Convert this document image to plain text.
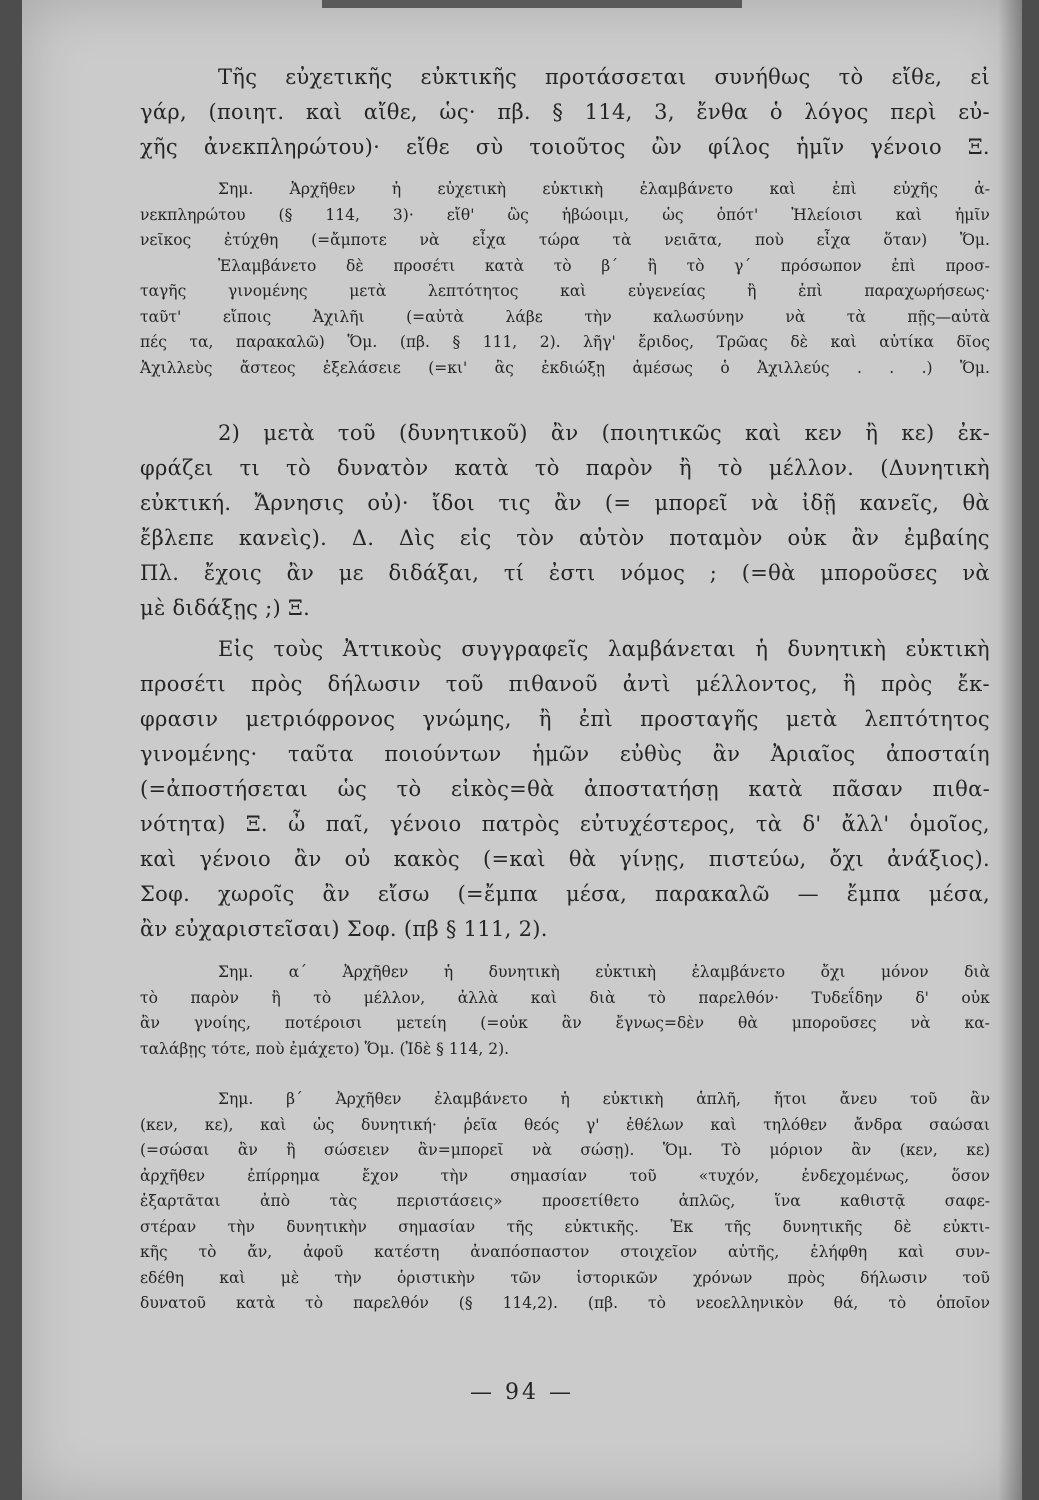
Τῆς εὐχετικῆς εὐκτικῆς προτάσσεται συνήθως τὸ εἴθε, εἰ
γάρ, (ποιητ. καὶ αἴθε, ὡς· πβ. § 114, 3, ἔνθα ὁ λόγος περὶ εὐ-
χῆς ἀνεκπληρώτου)· εἴθε σὺ τοιοῦτος ὢν φίλος ἡμῖν γένοιο Ξ.
Σημ. Ἀρχῆθεν ἡ εὐχετικὴ εὐκτικὴ ἐλαμβάνετο καὶ ἐπὶ εὐχῆς ἀ-
νεκπληρώτου (§ 114, 3)· εἴθ' ὣς ἡβώοιμι, ὡς ὁπότ' Ἠλείοισι καὶ ἡμῖν
νεῖκος ἐτύχθη (=ἄμποτε νὰ εἶχα τώρα τὰ νειᾶτα, ποὺ εἶχα ὅταν) Ὅμ.
Ἐλαμβάνετο δὲ προσέτι κατὰ τὸ β΄ ἢ τὸ γ΄ πρόσωπον ἐπὶ προσ-
ταγῆς	γινομένης	μετὰ	λεπτότητος	καὶ	εὐγενείας	ἢ	ἐπὶ	παραχωρήσεως·
ταῦτ'	εἴποις	Ἀχιλῆι	(=αὐτὰ	λάβε	τὴν	καλωσύνην	νὰ	τὰ	πῇς—αὐτὰ
πές τα, παρακαλῶ) Ὅμ. (πβ. § 111, 2). λῆγ' ἔριδος, Τρῶας δὲ καὶ αὐτίκα δῖος
Ἀχιλλεὺς ἄστεος ἐξελάσειε (=κι' ἂς ἐκδιώξῃ ἀμέσως ὁ Ἀχιλλεύς . . .) Ὅμ.
2) μετὰ τοῦ (δυνητικοῦ) ἂν (ποιητικῶς καὶ κεν ἢ κε) ἐκ-
φράζει τι τὸ δυνατὸν κατὰ τὸ παρὸν ἢ τὸ μέλλον. (Δυνητικὴ
εὐκτική. Ἄρνησις οὐ)· ἴδοι τις ἂν (= μπορεῖ νὰ ἰδῇ κανεῖς, θὰ
ἔβλεπε κανεὶς). Δ. Δὶς εἰς τὸν αὐτὸν ποταμὸν οὐκ ἂν ἐμβαίης
Πλ. ἔχοις ἂν με διδάξαι, τί ἐστι νόμος ; (=θὰ μποροῦσες νὰ
μὲ διδάξῃς ;) Ξ.
Εἰς τοὺς Ἀττικοὺς συγγραφεῖς λαμβάνεται ἡ δυνητικὴ εὐκτικὴ
προσέτι πρὸς δήλωσιν τοῦ πιθανοῦ ἀντὶ μέλλοντος, ἢ πρὸς ἔκ-
φρασιν μετριόφρονος γνώμης, ἢ ἐπὶ προσταγῆς μετὰ λεπτότητος
γινομένης· ταῦτα ποιούντων ἡμῶν εὐθὺς ἂν Ἀριαῖος ἀποσταίη
(=ἀποστήσεται ὡς τὸ εἰκὸς=θὰ ἀποστατήσῃ κατὰ πᾶσαν πιθα-
νότητα) Ξ. ὦ παῖ, γένοιο πατρὸς εὐτυχέστερος, τὰ δ' ἄλλ' ὁμοῖος,
καὶ γένοιο ἂν οὐ κακὸς (=καὶ θὰ γίνῃς, πιστεύω, ὄχι ἀνάξιος).
Σοφ. χωροῖς ἂν εἴσω (=ἔμπα μέσα, παρακαλῶ — ἔμπα μέσα,
ἂν εὐχαριστεῖσαι) Σοφ. (πβ § 111, 2).
Σημ. α΄ Ἀρχῆθεν ἡ δυνητικὴ εὐκτικὴ ἐλαμβάνετο ὄχι μόνον διὰ
τὸ παρὸν ἢ τὸ μέλλον, ἀλλὰ καὶ διὰ τὸ παρελθόν· Τυδεΐδην δ' οὐκ
ἂν γνοίης, ποτέροισι μετείη (=οὐκ ἂν ἔγνως=δὲν θὰ μποροῦσες νὰ κα-
ταλάβῃς τότε, ποὺ ἐμάχετο) Ὅμ. (Ἰδὲ § 114, 2).
Σημ. β΄ Ἀρχῆθεν ἐλαμβάνετο ἡ εὐκτικὴ ἁπλῆ, ἤτοι ἄνευ τοῦ ἂν
(κεν, κε), καὶ ὡς δυνητική· ῥεῖα θεός γ' ἐθέλων καὶ τηλόθεν ἄνδρα σαώσαι
(=σώσαι ἂν ἢ σώσειεν ἂν=μπορεῖ νὰ σώσῃ). Ὅμ. Τὸ μόριον ἂν (κεν, κε)
ἀρχῆθεν	ἐπίρρημα	ἔχον	τὴν	σημασίαν	τοῦ	«τυχόν,	ἐνδεχομένως,	ὅσον
ἐξαρτᾶται	ἀπὸ	τὰς	περιστάσεις»	προσετίθετο	ἁπλῶς,	ἵνα	καθιστᾷ	σαφε-
στέραν τὴν δυνητικὴν σημασίαν τῆς εὐκτικῆς. Ἐκ τῆς δυνητικῆς δὲ εὐκτι-
κῆς τὸ ἄν, ἀφοῦ κατέστη ἀναπόσπαστον στοιχεῖον αὐτῆς, ἐλήφθη καὶ συν-
εδέθη καὶ μὲ τὴν ὁριστικὴν τῶν ἱστορικῶν χρόνων πρὸς δήλωσιν τοῦ
δυνατοῦ κατὰ τὸ παρελθόν (§ 114,2). (πβ. τὸ νεοελληνικὸν θά, τὸ ὁποῖον
— 94 —
